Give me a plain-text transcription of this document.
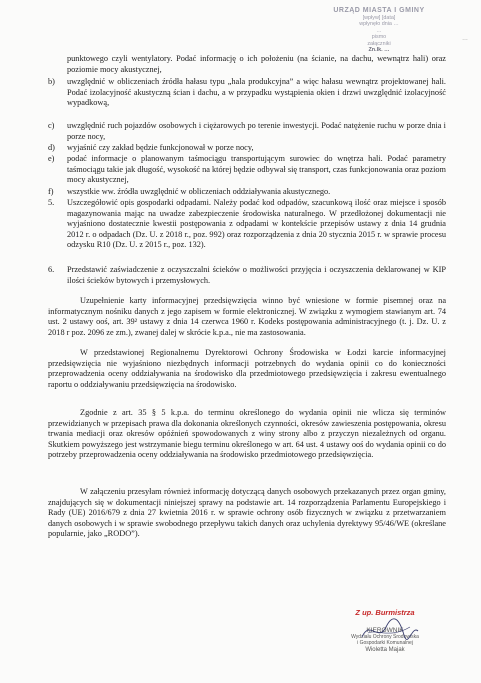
URZĄD MIASTA I GMINY
[wpływ] [data]
wpłynęło dnia …
…
pismo
załączniki
Zn.Ik. …
…
punktowego czyli wentylatory. Podać informację o ich położeniu (na ścianie, na dachu, wewnątrz hali) oraz poziomie mocy akustycznej,
b)	uwzględnić w obliczeniach źródła hałasu typu „hala produkcyjna” a więc hałasu wewnątrz projektowanej hali. Podać izolacyjność akustyczną ścian i dachu, a w przypadku wystąpienia okien i drzwi uwzględnić izolacyjność wypadkową,
c)	uwzględnić ruch pojazdów osobowych i ciężarowych po terenie inwestycji. Podać natężenie ruchu w porze dnia i porze nocy,
d)	wyjaśnić czy zakład będzie funkcjonował w porze nocy,
e)	podać informacje o planowanym taśmociągu transportującym surowiec do wnętrza hali. Podać parametry taśmociągu takie jak długość, wysokość na której będzie odbywał się transport, czas funkcjonowania oraz poziom mocy akustycznej,
f)	wszystkie ww. źródła uwzględnić w obliczeniach oddziaływania akustycznego.
5.	Uszczegółowić opis gospodarki odpadami. Należy podać kod odpadów, szacunkową ilość oraz miejsce i sposób magazynowania mając na uwadze zabezpieczenie środowiska naturalnego. W przedłożonej dokumentacji nie wyjaśniono dostatecznie kwestii postępowania z odpadami w kontekście przepisów ustawy z dnia 14 grudnia 2012 r. o odpadach (Dz. U. z 2018 r., poz. 992) oraz rozporządzenia z dnia 20 stycznia 2015 r. w sprawie procesu odzysku R10 (Dz. U. z 2015 r., poz. 132).
6.	Przedstawić zaświadczenie z oczyszczalni ścieków o możliwości przyjęcia i oczyszczenia deklarowanej w KIP ilości ścieków bytowych i przemysłowych.
Uzupełnienie karty informacyjnej przedsięwzięcia winno być wniesione w formie pisemnej oraz na informatycznym nośniku danych z jego zapisem w formie elektronicznej. W związku z wymogiem stawianym art. 74 ust. 2 ustawy ooś, art. 39² ustawy z dnia 14 czerwca 1960 r. Kodeks postępowania administracyjnego (t. j. Dz. U. z 2018 r poz. 2096 ze zm.), zwanej dalej w skrócie k.p.a., nie ma zastosowania.
W przedstawionej Regionalnemu Dyrektorowi Ochrony Środowiska w Łodzi karcie informacyjnej przedsięwzięcia nie wyjaśniono niezbędnych informacji potrzebnych do wydania opinii co do konieczności przeprowadzenia oceny oddziaływania na środowisko dla przedmiotowego przedsięwzięcia i zakresu ewentualnego raportu o oddziaływaniu przedsięwzięcia na środowisko.
Zgodnie z art. 35 § 5 k.p.a. do terminu określonego do wydania opinii nie wlicza się terminów przewidzianych w przepisach prawa dla dokonania określonych czynności, okresów zawieszenia postępowania, okresu trwania mediacji oraz okresów opóźnień spowodowanych z winy strony albo z przyczyn niezależnych od organu. Skutkiem powyższego jest wstrzymanie biegu terminu określonego w art. 64 ust. 4 ustawy ooś do wydania opinii co do potrzeby przeprowadzenia oceny oddziaływania na środowisko przedmiotowego przedsięwzięcia.
W załączeniu przesyłam również informację dotyczącą danych osobowych przekazanych przez organ gminy, znajdujących się w dokumentacji niniejszej sprawy na podstawie art. 14 rozporządzenia Parlamentu Europejskiego i Rady (UE) 2016/679 z dnia 27 kwietnia 2016 r. w sprawie ochrony osób fizycznych w związku z przetwarzaniem danych osobowych i w sprawie swobodnego przepływu takich danych oraz uchylenia dyrektywy 95/46/WE (określane popularnie, jako „RODO”).
Z up. Burmistrza
KIEROWNIK
Wydziału Ochrony Środowiska
i Gospodarki Komunalnej
Wioletta Majak
